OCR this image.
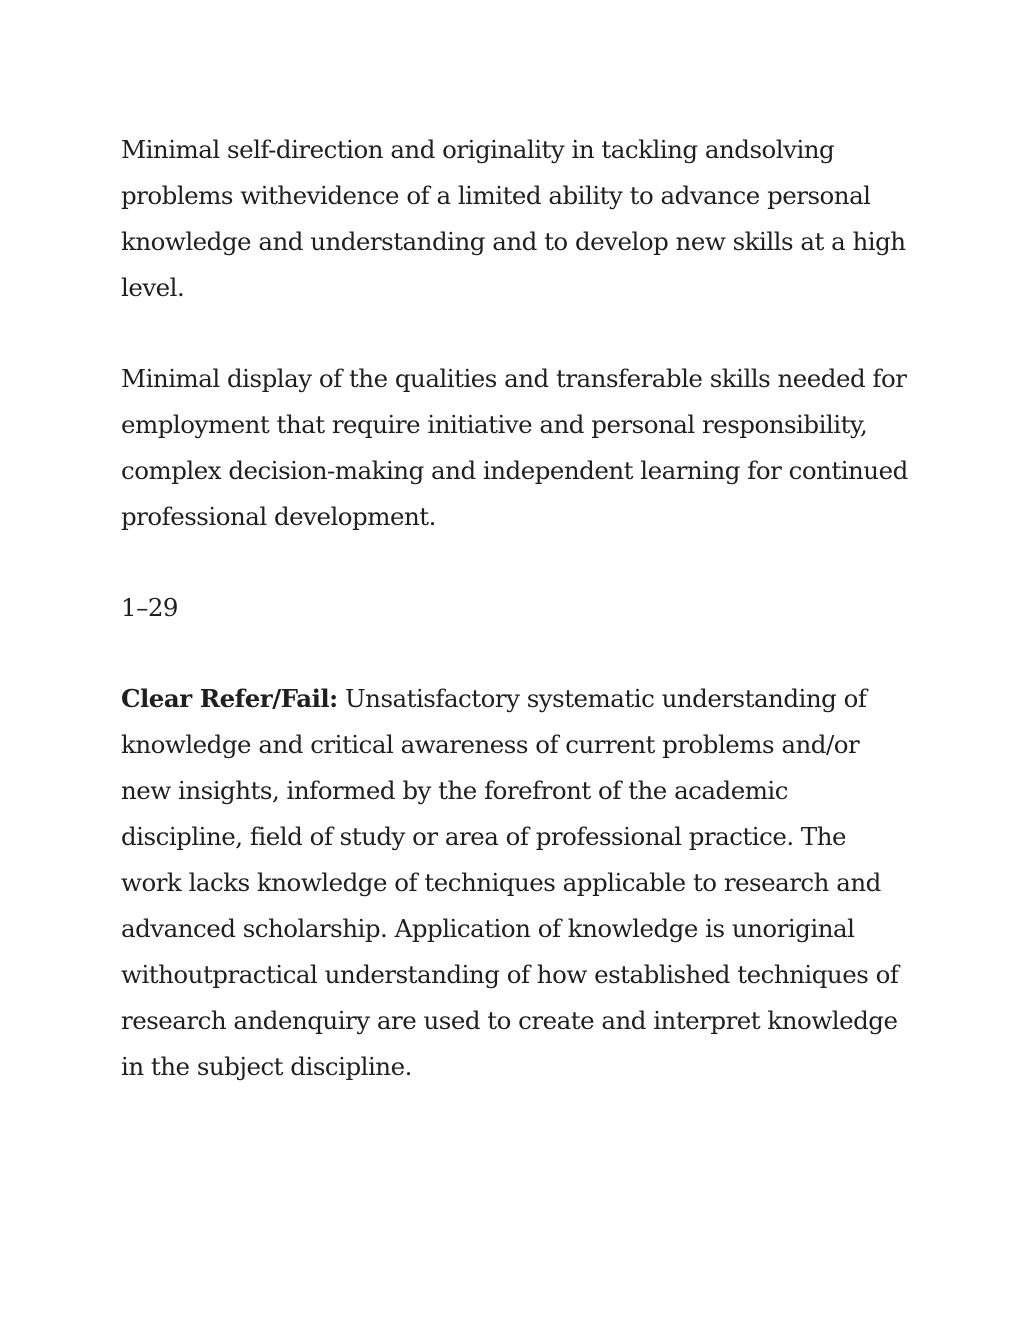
Minimal self-direction and originality in tackling andsolving problems withevidence of a limited ability to advance personal knowledge and understanding and to develop new skills at a high level.

Minimal display of the qualities and transferable skills needed for employment that require initiative and personal responsibility, complex decision-making and independent learning for continued professional development.

1–29

Clear Refer/Fail: Unsatisfactory systematic understanding of knowledge and critical awareness of current problems and/or new insights, informed by the forefront of the academic discipline, field of study or area of professional practice. The work lacks knowledge of techniques applicable to research and advanced scholarship. Application of knowledge is unoriginal withoutpractical understanding of how established techniques of research andenquiry are used to create and interpret knowledge in the subject discipline.
